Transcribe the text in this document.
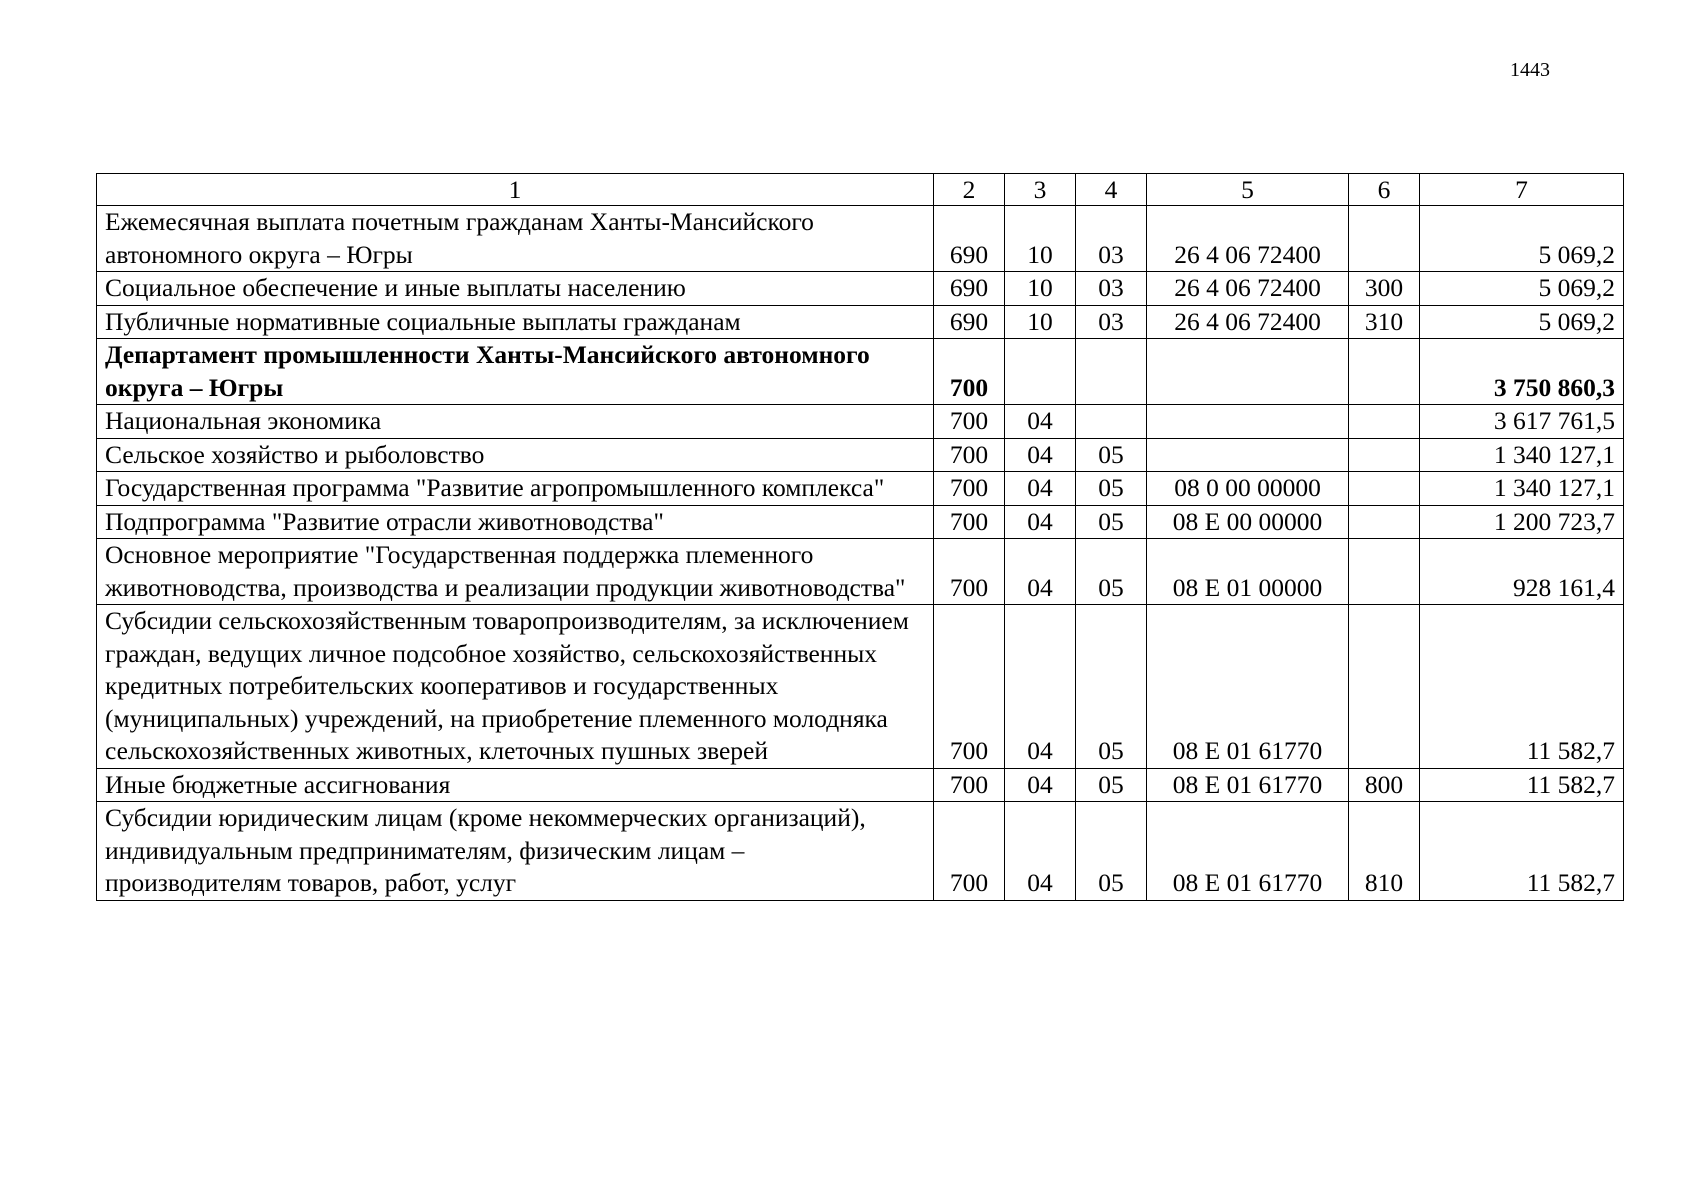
1443
1	2	3	4	5	6	7
Ежемесячная выплата почетным гражданам Ханты-Мансийского автономного округа – Югры	690	10	03	26 4 06 72400		5 069,2
Социальное обеспечение и иные выплаты населению	690	10	03	26 4 06 72400	300	5 069,2
Публичные нормативные социальные выплаты гражданам	690	10	03	26 4 06 72400	310	5 069,2
Департамент промышленности Ханты-Мансийского автономного округа – Югры	700					3 750 860,3
Национальная экономика	700	04				3 617 761,5
Сельское хозяйство и рыболовство	700	04	05			1 340 127,1
Государственная программа "Развитие агропромышленного комплекса"	700	04	05	08 0 00 00000		1 340 127,1
Подпрограмма "Развитие отрасли животноводства"	700	04	05	08 Е 00 00000		1 200 723,7
Основное мероприятие "Государственная поддержка племенного животноводства, производства и реализации продукции животноводства"	700	04	05	08 Е 01 00000		928 161,4
Субсидии сельскохозяйственным товаропроизводителям, за исключением граждан, ведущих личное подсобное хозяйство, сельскохозяйственных кредитных потребительских кооперативов и государственных (муниципальных) учреждений, на приобретение племенного молодняка сельскохозяйственных животных, клеточных пушных зверей	700	04	05	08 Е 01 61770		11 582,7
Иные бюджетные ассигнования	700	04	05	08 Е 01 61770	800	11 582,7
Субсидии юридическим лицам (кроме некоммерческих организаций), индивидуальным предпринимателям, физическим лицам – производителям товаров, работ, услуг	700	04	05	08 Е 01 61770	810	11 582,7
